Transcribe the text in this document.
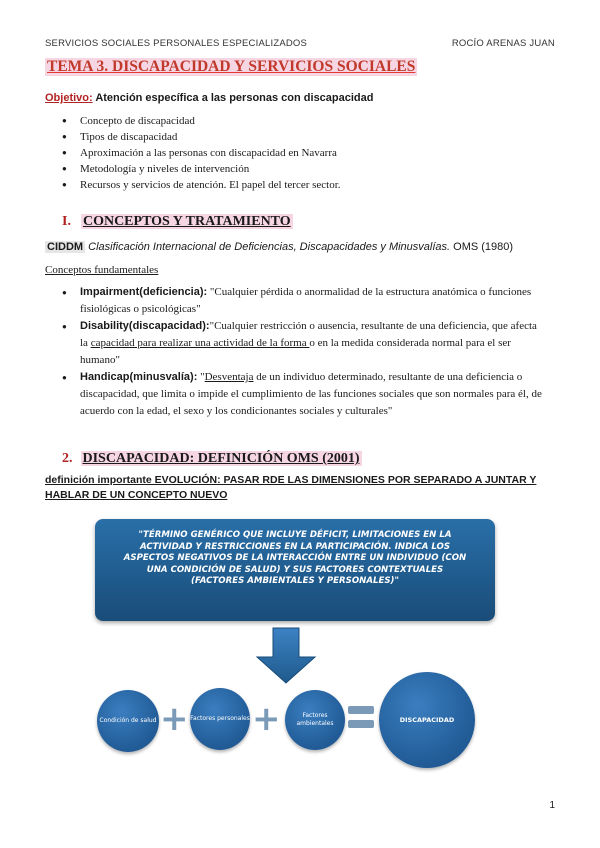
SERVICIOS SOCIALES PERSONALES ESPECIALIZADOS	ROCÍO ARENAS JUAN
TEMA 3. DISCAPACIDAD Y SERVICIOS SOCIALES
Objetivo: Atención específica a las personas con discapacidad
● Concepto de discapacidad
● Tipos de discapacidad
● Aproximación a las personas con discapacidad en Navarra
● Metodología y niveles de intervención
● Recursos y servicios de atención. El papel del tercer sector.
I. CONCEPTOS Y TRATAMIENTO
CIDDM Clasificación Internacional de Deficiencias, Discapacidades y Minusvalías. OMS (1980)
Conceptos fundamentales
● Impairment(deficiencia): "Cualquier pérdida o anormalidad de la estructura anatómica o funciones fisiológicas o psicológicas"
● Disability(discapacidad):"Cualquier restricción o ausencia, resultante de una deficiencia, que afecta la capacidad para realizar una actividad de la forma o en la medida considerada normal para el ser humano"
● Handicap(minusvalía): "Desventaja de un individuo determinado, resultante de una deficiencia o discapacidad, que limita o impide el cumplimiento de las funciones sociales que son normales para él, de acuerdo con la edad, el sexo y los condicionantes sociales y culturales"
2. DISCAPACIDAD: DEFINICIÓN OMS (2001)
definición importante EVOLUCIÓN: PASAR RDE LAS DIMENSIONES POR SEPARADO A JUNTAR Y HABLAR DE UN CONCEPTO NUEVO
"TÉRMINO GENÉRICO QUE INCLUYE DÉFICIT, LIMITACIONES EN LA ACTIVIDAD Y RESTRICCIONES EN LA PARTICIPACIÓN. INDICA LOS ASPECTOS NEGATIVOS DE LA INTERACCIÓN ENTRE UN INDIVIDUO (CON UNA CONDICIÓN DE SALUD) Y SUS FACTORES CONTEXTUALES (FACTORES AMBIENTALES Y PERSONALES)"
Condición de salud + Factores personales +	Factores ambientales	DISCAPACIDAD
1
